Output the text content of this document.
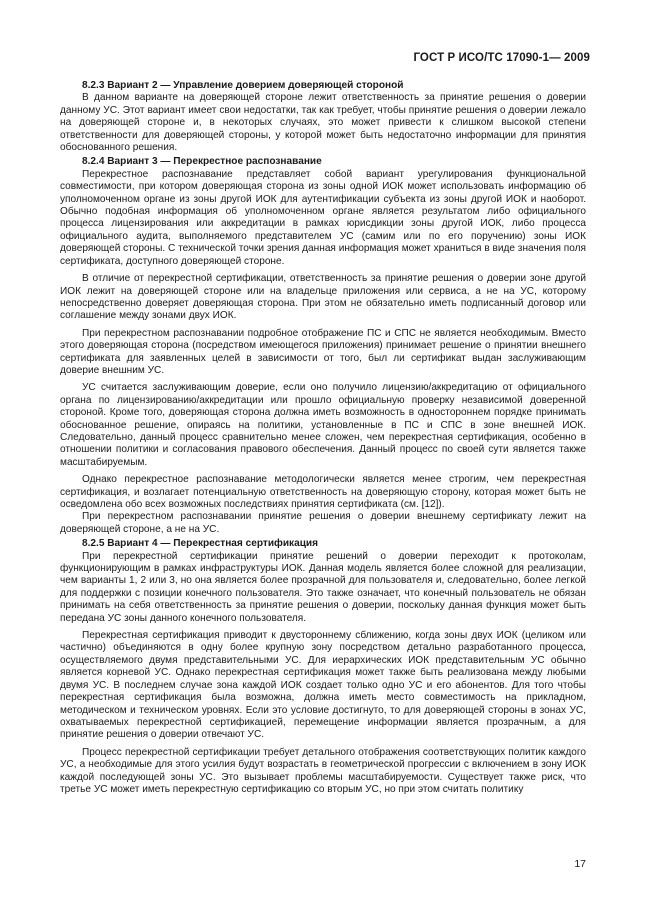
ГОСТ Р ИСО/ТС 17090-1— 2009

8.2.3 Вариант 2 — Управление доверием доверяющей стороной

В данном варианте на доверяющей стороне лежит ответственность за принятие решения о доверии данному УС. Этот вариант имеет свои недостатки, так как требует, чтобы принятие решения о доверии лежало на доверяющей стороне и, в некоторых случаях, это может привести к слишком высокой степени ответственности для доверяющей стороны, у которой может быть недостаточно информации для принятия обоснованного решения.

8.2.4 Вариант 3 — Перекрестное распознавание

Перекрестное распознавание представляет собой вариант урегулирования функциональной совместимости, при котором доверяющая сторона из зоны одной ИОК может использовать информацию об уполномоченном органе из зоны другой ИОК для аутентификации субъекта из зоны другой ИОК и наоборот. Обычно подобная информация об уполномоченном органе является результатом либо официального процесса лицензирования или аккредитации в рамках юрисдикции зоны другой ИОК, либо процесса официального аудита, выполняемого представителем УС (самим или по его поручению) зоны ИОК доверяющей стороны. С технической точки зрения данная информация может храниться в виде значения поля сертификата, доступного доверяющей стороне.

В отличие от перекрестной сертификации, ответственность за принятие решения о доверии зоне другой ИОК лежит на доверяющей стороне или на владельце приложения или сервиса, а не на УС, которому непосредственно доверяет доверяющая сторона. При этом не обязательно иметь подписанный договор или соглашение между зонами двух ИОК.

При перекрестном распознавании подробное отображение ПС и СПС не является необходимым. Вместо этого доверяющая сторона (посредством имеющегося приложения) принимает решение о принятии внешнего сертификата для заявленных целей в зависимости от того, был ли сертификат выдан заслуживающим доверие внешним УС.

УС считается заслуживающим доверие, если оно получило лицензию/аккредитацию от официального органа по лицензированию/аккредитации или прошло официальную проверку независимой доверенной стороной. Кроме того, доверяющая сторона должна иметь возможность в одностороннем порядке принимать обоснованное решение, опираясь на политики, установленные в ПС и СПС в зоне внешней ИОК. Следовательно, данный процесс сравнительно менее сложен, чем перекрестная сертификация, особенно в отношении политики и согласования правового обеспечения. Данный процесс по своей сути является также масштабируемым.

Однако перекрестное распознавание методологически является менее строгим, чем перекрестная сертификация, и возлагает потенциальную ответственность на доверяющую сторону, которая может быть не осведомлена обо всех возможных последствиях принятия сертификата (см. [12]).

При перекрестном распознавании принятие решения о доверии внешнему сертификату лежит на доверяющей стороне, а не на УС.

8.2.5 Вариант 4 — Перекрестная сертификация

При перекрестной сертификации принятие решений о доверии переходит к протоколам, функционирующим в рамках инфраструктуры ИОК. Данная модель является более сложной для реализации, чем варианты 1, 2 или 3, но она является более прозрачной для пользователя и, следовательно, более легкой для поддержки с позиции конечного пользователя. Это также означает, что конечный пользователь не обязан принимать на себя ответственность за принятие решения о доверии, поскольку данная функция может быть передана УС зоны данного конечного пользователя.

Перекрестная сертификация приводит к двустороннему сближению, когда зоны двух ИОК (целиком или частично) объединяются в одну более крупную зону посредством детально разработанного процесса, осуществляемого двумя представительными УС. Для иерархических ИОК представительным УС обычно является корневой УС. Однако перекрестная сертификация может также быть реализована между любыми двумя УС. В последнем случае зона каждой ИОК создает только одно УС и его абонентов. Для того чтобы перекрестная сертификация была возможна, должна иметь место совместимость на прикладном, методическом и техническом уровнях. Если это условие достигнуто, то для доверяющей стороны в зонах УС, охватываемых перекрестной сертификацией, перемещение информации является прозрачным, а для принятие решения о доверии отвечают УС.

Процесс перекрестной сертификации требует детального отображения соответствующих политик каждого УС, а необходимые для этого усилия будут возрастать в геометрической прогрессии с включением в зону ИОК каждой последующей зоны УС. Это вызывает проблемы масштабируемости. Существует также риск, что третье УС может иметь перекрестную сертификацию со вторым УС, но при этом считать политику

17
